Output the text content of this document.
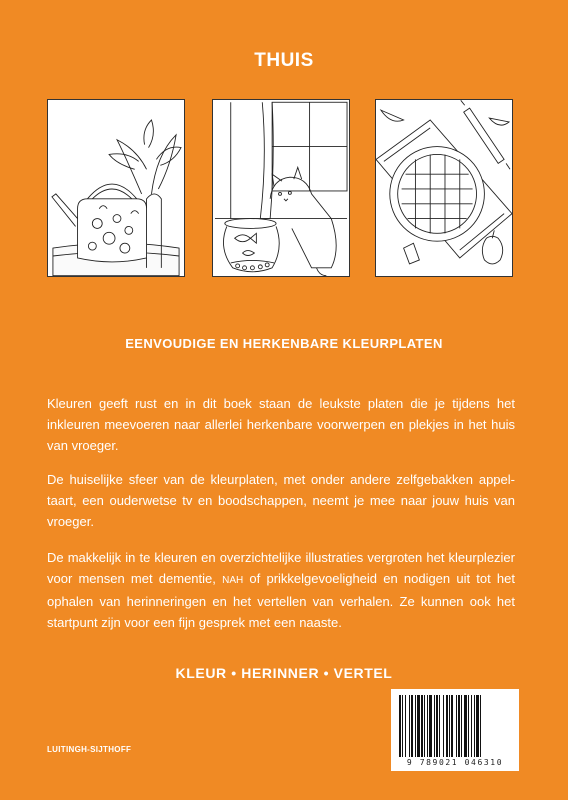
THUIS
EENVOUDIGE EN HERKENBARE KLEURPLATEN

Kleuren geeft rust en in dit boek staan de leukste platen die je tijdens het inkleuren meevoeren naar allerlei herkenbare voorwerpen en plekjes in het huis van vroeger.

De huiselijke sfeer van de kleurplaten, met onder andere zelfgebakken appeltaart, een ouderwetse tv en boodschappen, neemt je mee naar jouw huis van vroeger.

De makkelijk in te kleuren en overzichtelijke illustraties vergroten het kleurplezier voor mensen met dementie, NAH of prikkelgevoeligheid en nodigen uit tot het ophalen van herinneringen en het vertellen van verhalen. Ze kunnen ook het startpunt zijn voor een fijn gesprek met een naaste.

KLEUR • HERINNER • VERTEL
LUITINGH-SIJTHOFF
9 789021 046310
